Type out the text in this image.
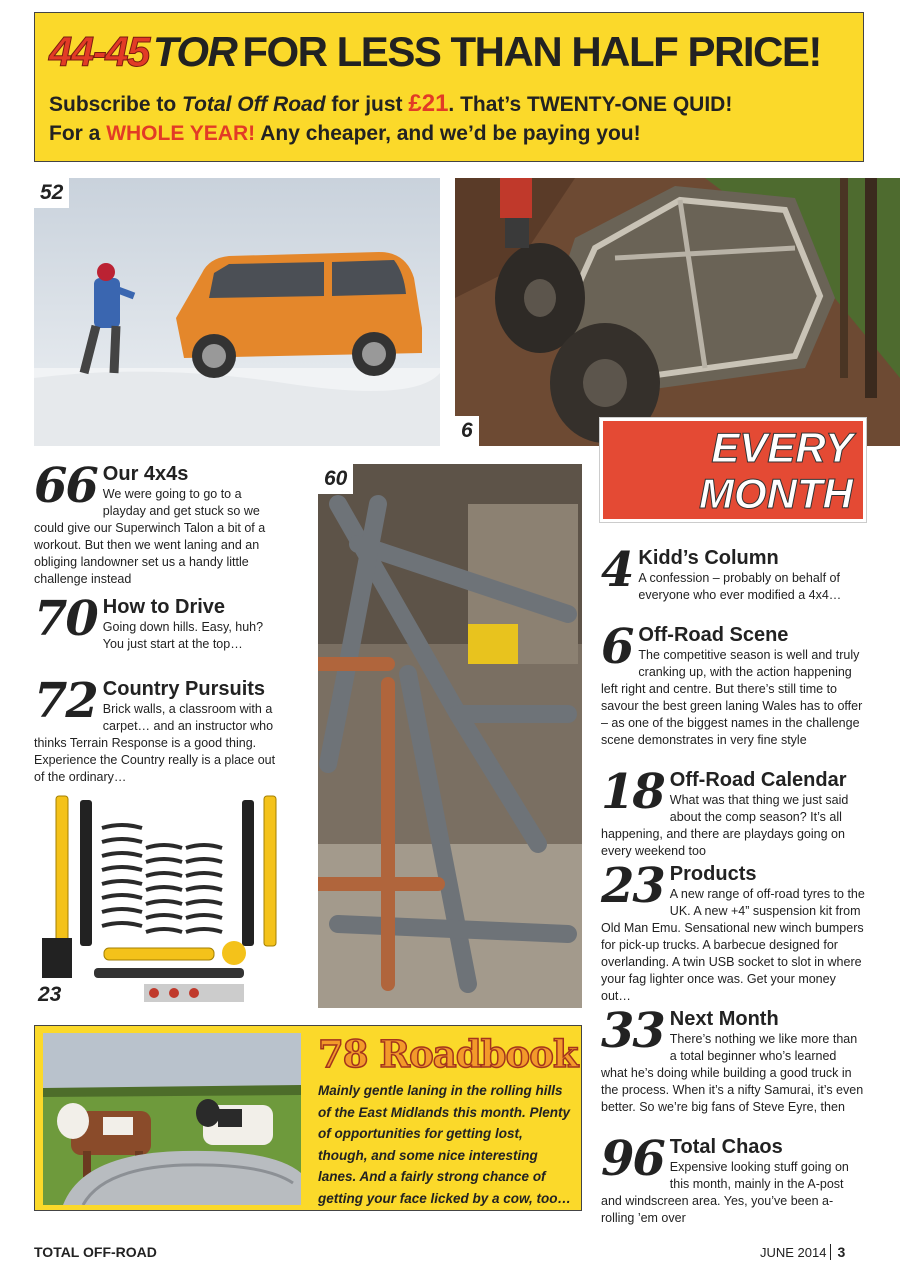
44-45TOR FOR LESS THAN HALF PRICE!
Subscribe to Total Off Road for just £21. That’s TWENTY-ONE QUID!
For a WHOLE YEAR! Any cheaper, and we’d be paying you!
52
6	EVERY
MONTH
66 Our 4x4s
We were going to go to a playday and get stuck so we could give our Superwinch Talon a bit of a workout. But then we went laning and an obliging landowner set us a handy little challenge instead
70 How to Drive
Going down hills. Easy, huh? You just start at the top…
72 Country Pursuits
Brick walls, a classroom with a carpet… and an instructor who thinks Terrain Response is a good thing. Experience the Country really is a place out of the ordinary…
23
60
4 Kidd’s Column
A confession – probably on behalf of everyone who ever modified a 4x4…
6 Off-Road Scene
The competitive season is well and truly cranking up, with the action happening left right and centre. But there’s still time to savour the best green laning Wales has to offer – as one of the biggest names in the challenge scene demonstrates in very fine style
18 Off-Road Calendar
What was that thing we just said about the comp season? It’s all happening, and there are playdays going on every weekend too
23 Products
A new range of off-road tyres to the UK. A new +4” suspension kit from Old Man Emu. Sensational new winch bumpers for pick-up trucks. A barbecue designed for overlanding. A twin USB socket to slot in where your fag lighter once was. Get your money out…
33 Next Month
There’s nothing we like more than a total beginner who’s learned what he’s doing while building a good truck in the process. When it’s a nifty Samurai, it’s even better. So we’re big fans of Steve Eyre, then
96 Total Chaos
Expensive looking stuff going on this month, mainly in the A-post and windscreen area. Yes, you’ve been a-rolling ’em over
78 Roadbook
Mainly gentle laning in the rolling hills of the East Midlands this month. Plenty of opportunities for getting lost, though, and some nice interesting lanes. And a fairly strong chance of getting your face licked by a cow, too…
TOTAL OFF-ROAD	JUNE 2014 3
